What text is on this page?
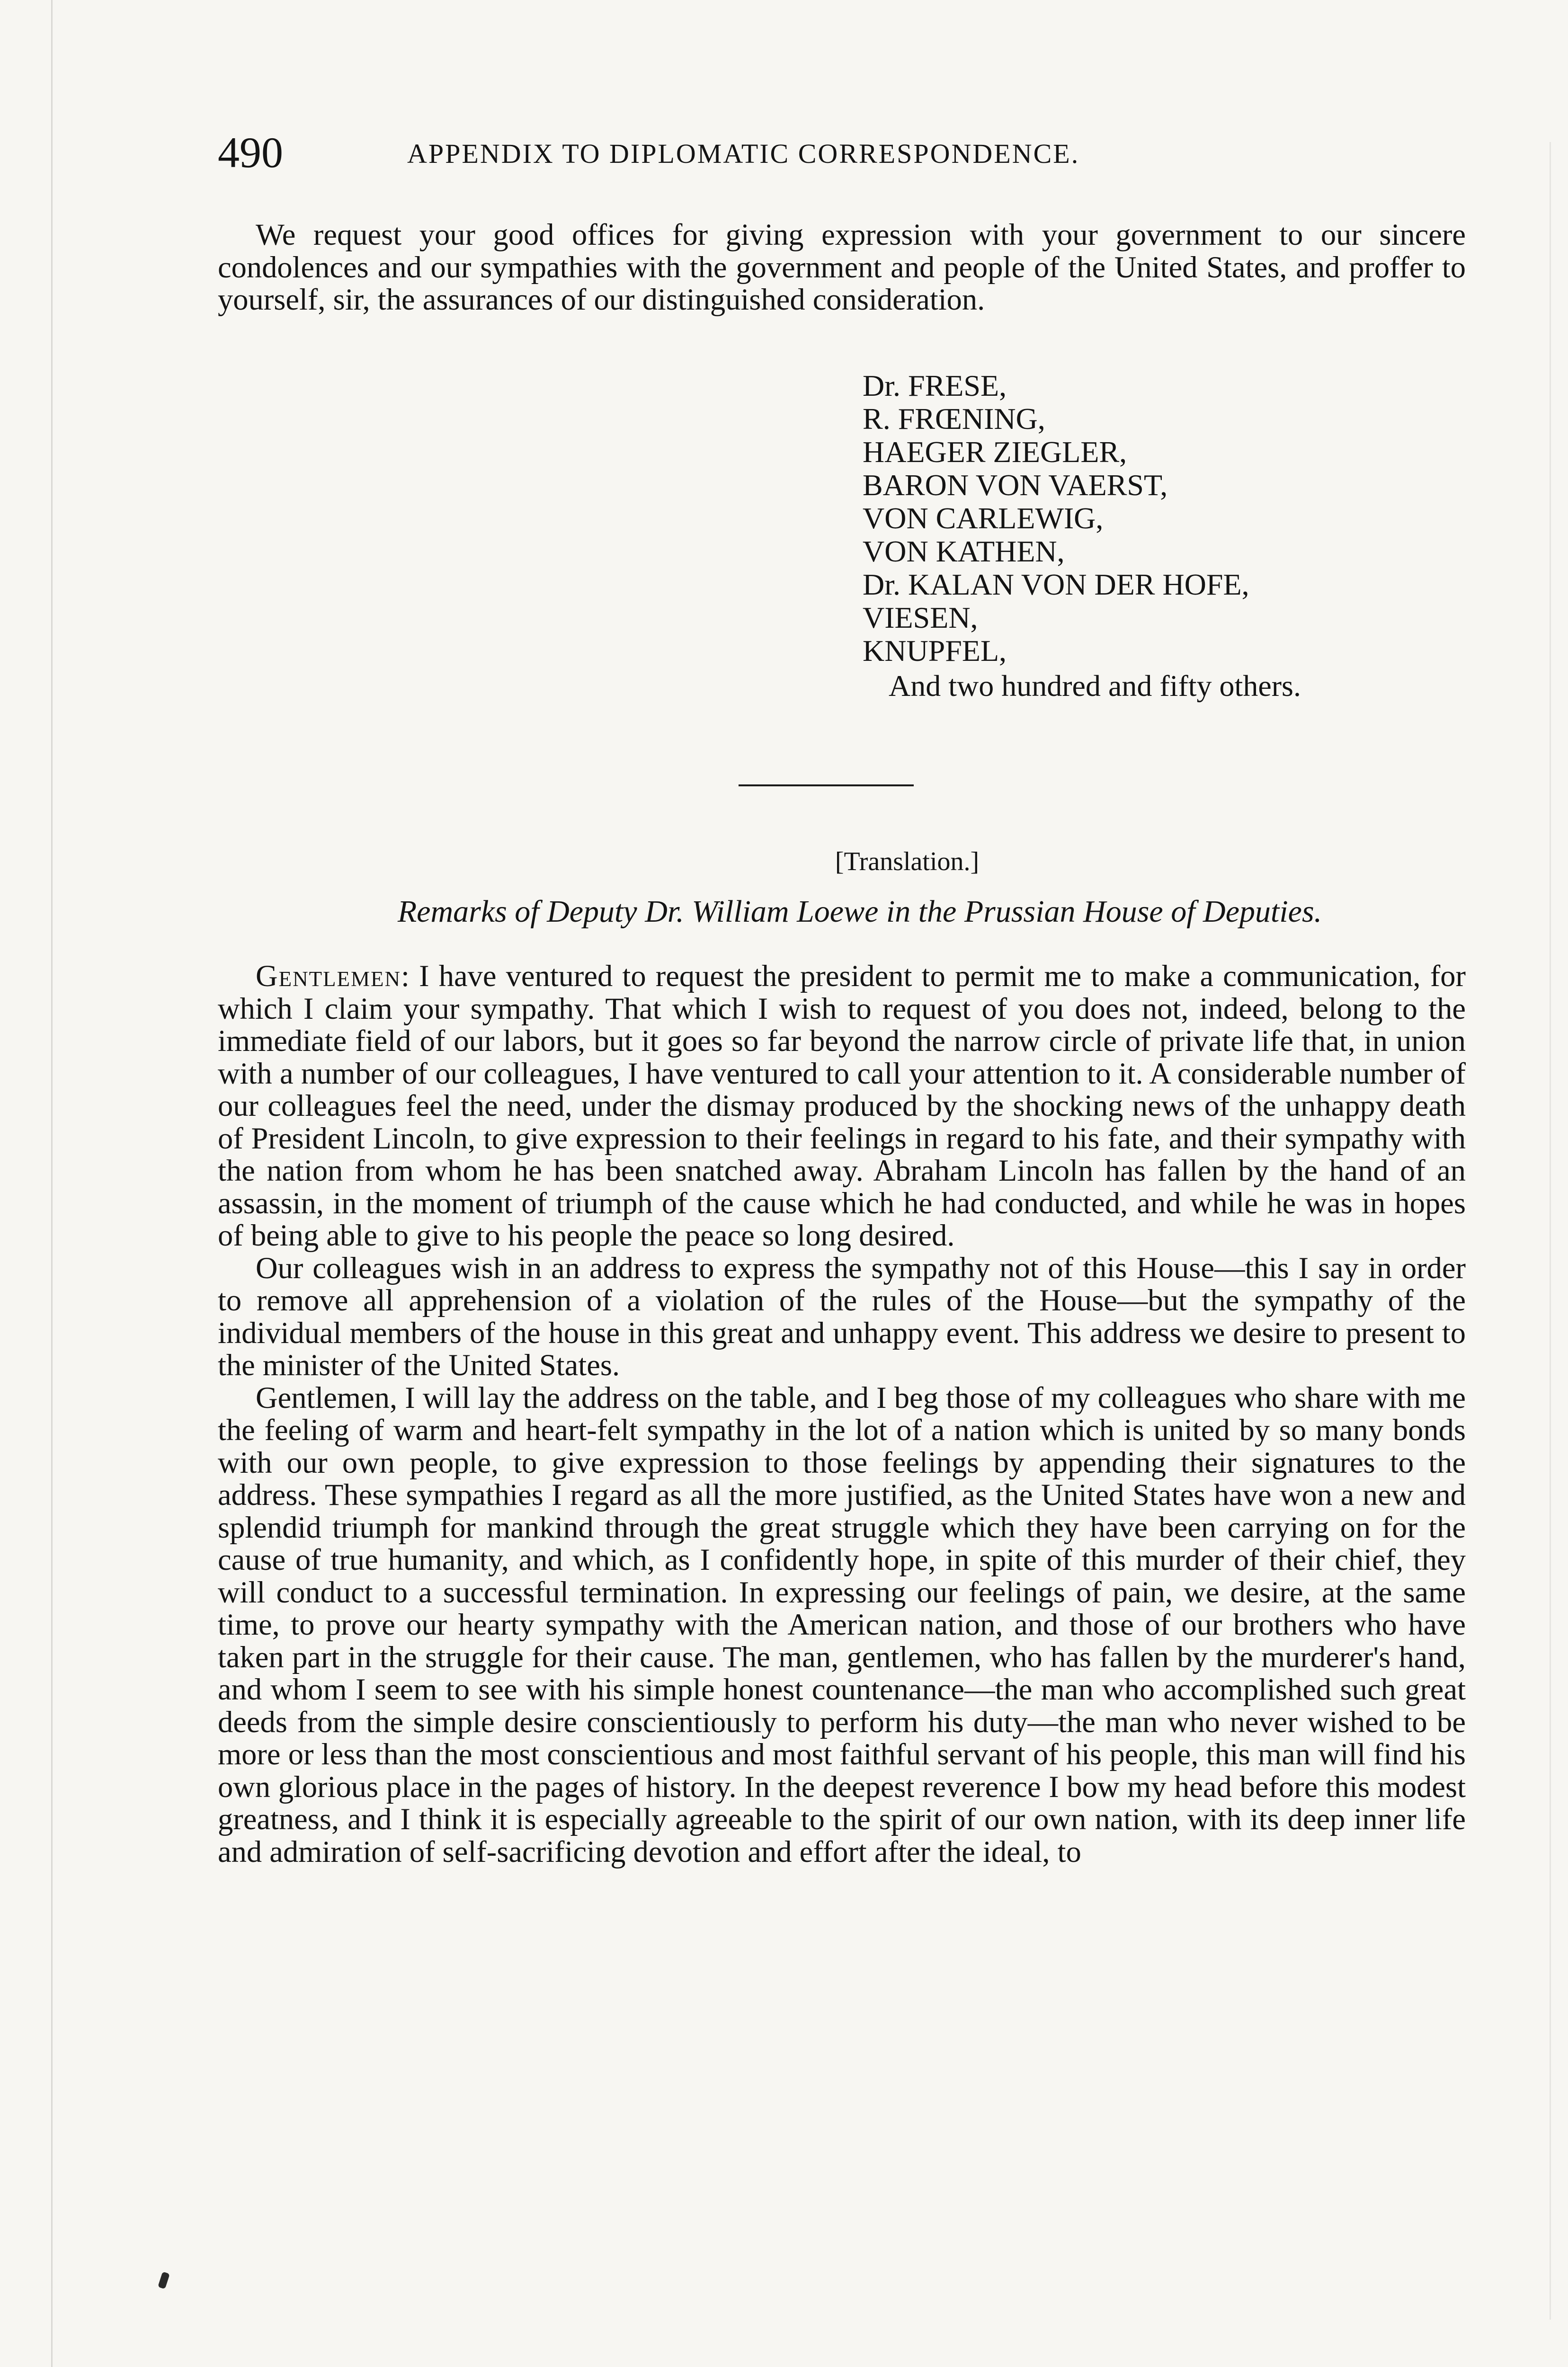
490	APPENDIX TO DIPLOMATIC CORRESPONDENCE.

We request your good offices for giving expression with your government to our sincere condolences and our sympathies with the government and people of the United States, and proffer to yourself, sir, the assurances of our distinguished consideration.

Dr. FRESE,
R. FRŒNING,
HAEGER ZIEGLER,
BARON VON VAERST,
VON CARLEWIG,
VON KATHEN,
Dr. KALAN VON DER HOFE,
VIESEN,
KNUPFEL,
And two hundred and fifty others.
[Translation.]
Remarks of Deputy Dr. William Loewe in the Prussian House of Deputies.

Gentlemen: I have ventured to request the president to permit me to make a communication, for which I claim your sympathy. That which I wish to request of you does not, indeed, belong to the immediate field of our labors, but it goes so far beyond the narrow circle of private life that, in union with a number of our colleagues, I have ventured to call your attention to it. A considerable number of our colleagues feel the need, under the dismay produced by the shocking news of the unhappy death of President Lincoln, to give expression to their feelings in regard to his fate, and their sympathy with the nation from whom he has been snatched away. Abraham Lincoln has fallen by the hand of an assassin, in the moment of triumph of the cause which he had conducted, and while he was in hopes of being able to give to his people the peace so long desired.

Our colleagues wish in an address to express the sympathy not of this House—this I say in order to remove all apprehension of a violation of the rules of the House—but the sympathy of the individual members of the house in this great and unhappy event. This address we desire to present to the minister of the United States.

Gentlemen, I will lay the address on the table, and I beg those of my colleagues who share with me the feeling of warm and heart-felt sympathy in the lot of a nation which is united by so many bonds with our own people, to give expression to those feelings by appending their signatures to the address. These sympathies I regard as all the more justified, as the United States have won a new and splendid triumph for mankind through the great struggle which they have been carrying on for the cause of true humanity, and which, as I confidently hope, in spite of this murder of their chief, they will conduct to a successful termination. In expressing our feelings of pain, we desire, at the same time, to prove our hearty sympathy with the American nation, and those of our brothers who have taken part in the struggle for their cause. The man, gentlemen, who has fallen by the murderer's hand, and whom I seem to see with his simple honest countenance—the man who accomplished such great deeds from the simple desire conscientiously to perform his duty—the man who never wished to be more or less than the most conscientious and most faithful servant of his people, this man will find his own glorious place in the pages of history. In the deepest reverence I bow my head before this modest greatness, and I think it is especially agreeable to the spirit of our own nation, with its deep inner life and admiration of self-sacrificing devotion and effort after the ideal, to
